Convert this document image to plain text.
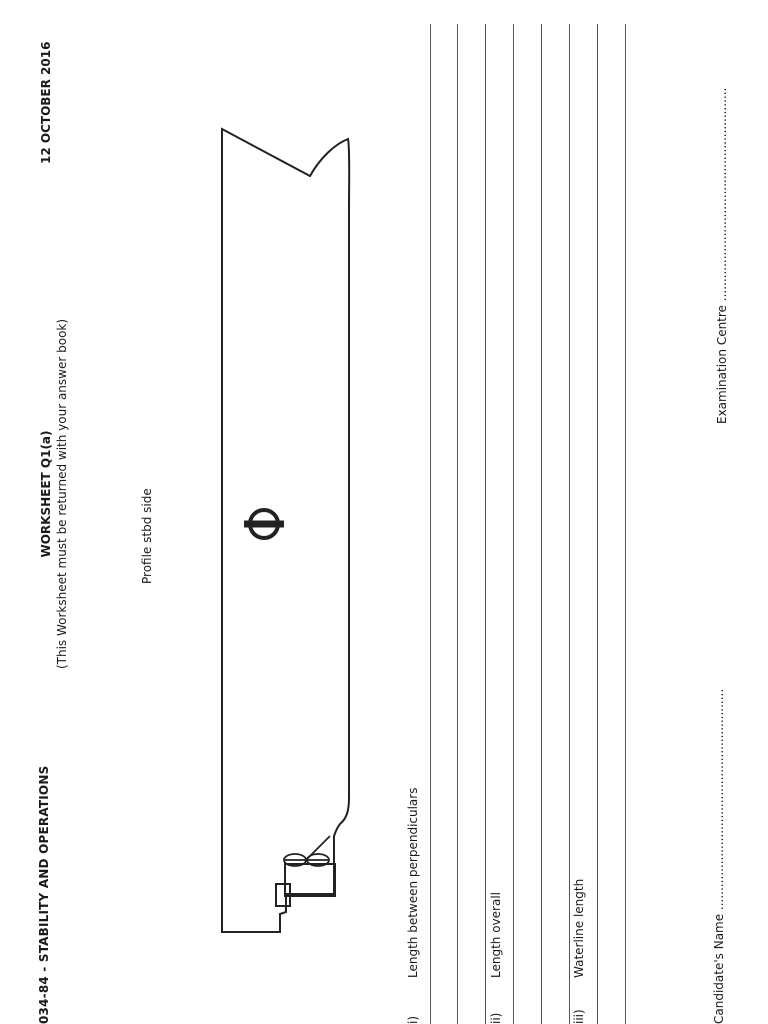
034-84 - STABILITY AND OPERATIONS
12 OCTOBER 2016
WORKSHEET Q1(a) (This Worksheet must be returned with your answer book)	Profile stbd side
i)
Length between perpendiculars
ii)
Length overall
iii)
Waterline length	Candidate's Name ..........................................................
Examination Centre ........................................................
